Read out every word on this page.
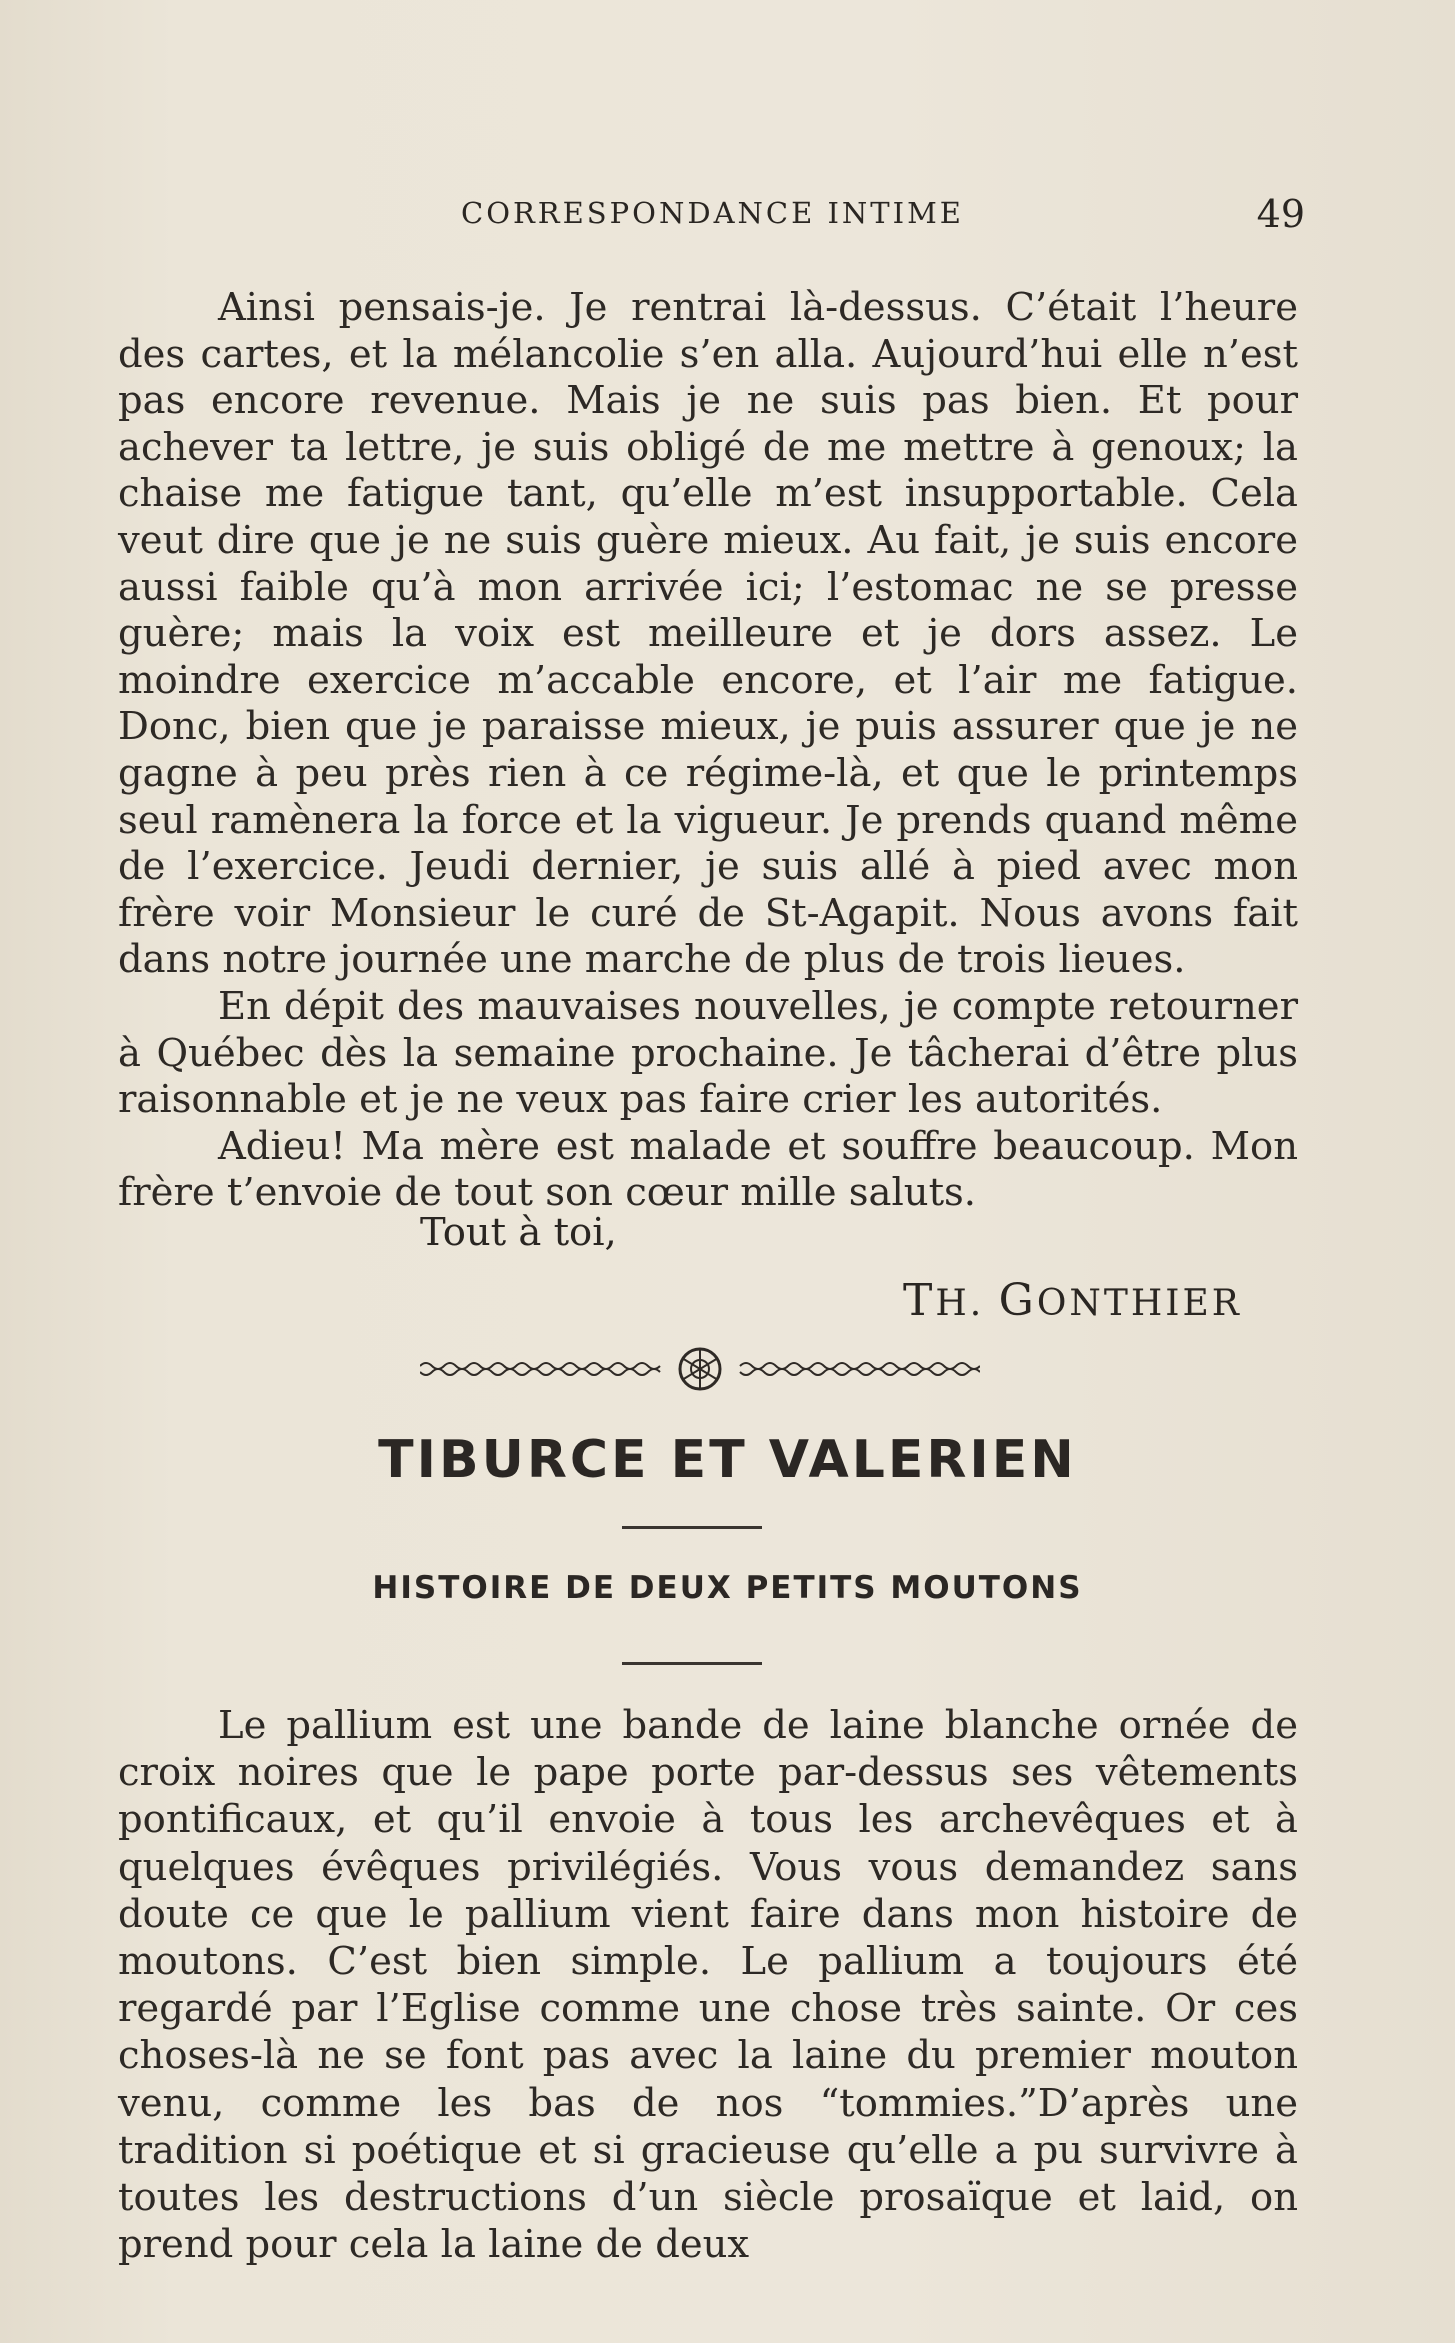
CORRESPONDANCE INTIME	49

Ainsi pensais-je. Je rentrai là-dessus. C’était l’heure des cartes, et la mélancolie s’en alla. Aujourd’hui elle n’est pas encore revenue. Mais je ne suis pas bien. Et pour achever ta lettre, je suis obligé de me mettre à genoux; la chaise me fatigue tant, qu’elle m’est insupportable. Cela veut dire que je ne suis guère mieux. Au fait, je suis encore aussi faible qu’à mon arrivée ici; l’estomac ne se presse guère; mais la voix est meilleure et je dors assez. Le moindre exercice m’accable encore, et l’air me fatigue. Donc, bien que je paraisse mieux, je puis assurer que je ne gagne à peu près rien à ce régime-là, et que le printemps seul ramènera la force et la vigueur. Je prends quand même de l’exercice. Jeudi dernier, je suis allé à pied avec mon frère voir Monsieur le curé de St-Agapit. Nous avons fait dans notre journée une marche de plus de trois lieues.

En dépit des mauvaises nouvelles, je compte retourner à Québec dès la semaine prochaine. Je tâcherai d’être plus raisonnable et je ne veux pas faire crier les autorités.

Adieu! Ma mère est malade et souffre beaucoup. Mon frère t’envoie de tout son cœur mille saluts.

Tout à toi,
TH. GONTHIER
TIBURCE ET VALERIEN
HISTOIRE DE DEUX PETITS MOUTONS

Le pallium est une bande de laine blanche ornée de croix noires que le pape porte par-dessus ses vêtements pontificaux, et qu’il envoie à tous les archevêques et à quelques évêques privilégiés. Vous vous demandez sans doute ce que le pallium vient faire dans mon histoire de moutons. C’est bien simple. Le pallium a toujours été regardé par l’Eglise comme une chose très sainte. Or ces choses-là ne se font pas avec la laine du premier mouton venu, comme les bas de nos “tommies.”D’après une tradition si poétique et si gracieuse qu’elle a pu survivre à toutes les destructions d’un siècle prosaïque et laid, on prend pour cela la laine de deux
